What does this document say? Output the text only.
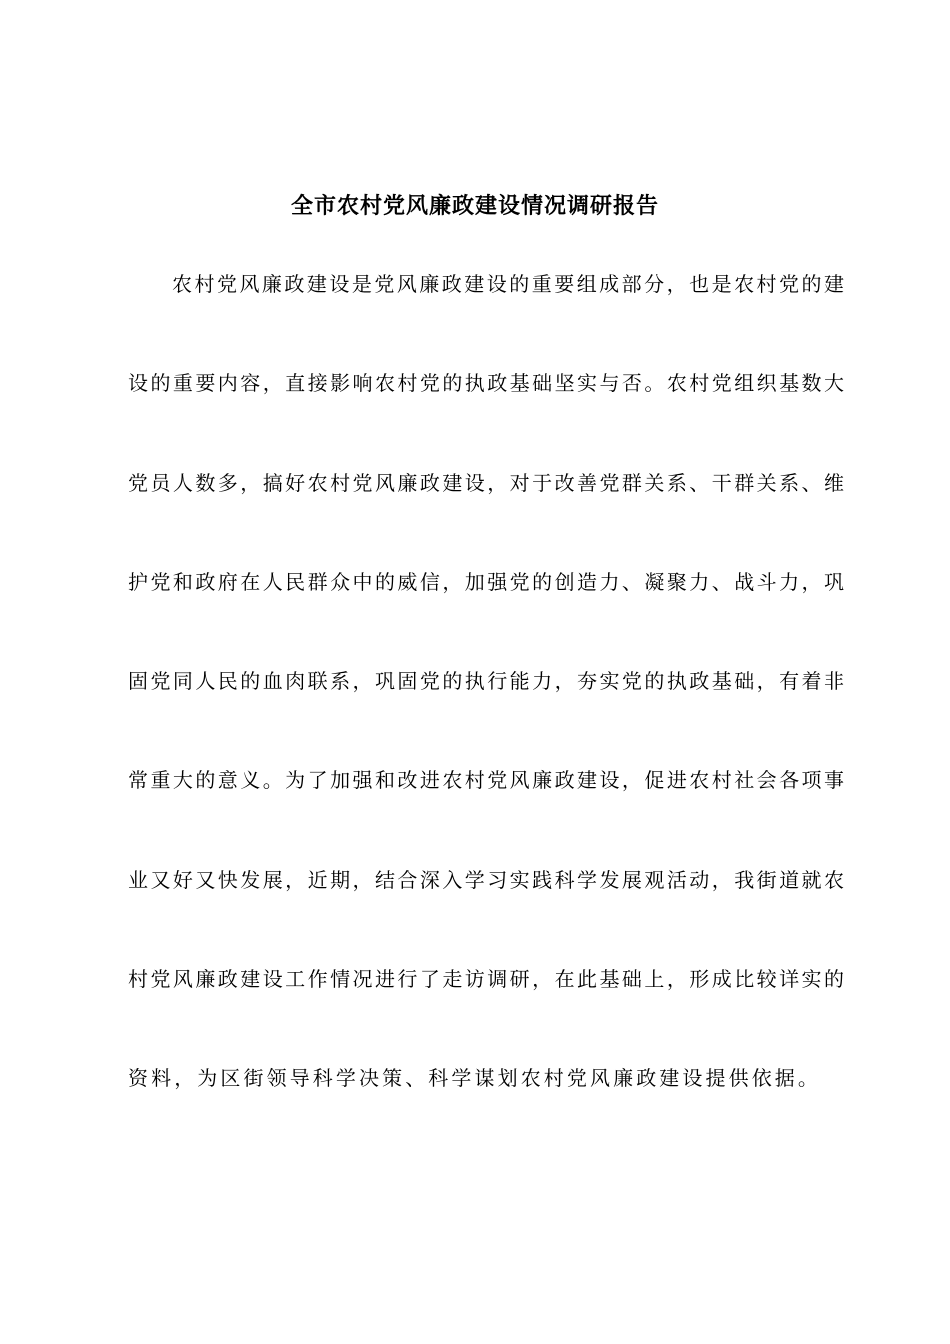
全市农村党风廉政建设情况调研报告
农村党风廉政建设是党风廉政建设的重要组成部分，也是农村党的建
设的重要内容，直接影响农村党的执政基础坚实与否。农村党组织基数大
党员人数多，搞好农村党风廉政建设，对于改善党群关系、干群关系、维
护党和政府在人民群众中的威信，加强党的创造力、凝聚力、战斗力，巩
固党同人民的血肉联系，巩固党的执行能力，夯实党的执政基础，有着非
常重大的意义。为了加强和改进农村党风廉政建设，促进农村社会各项事
业又好又快发展，近期，结合深入学习实践科学发展观活动，我街道就农
村党风廉政建设工作情况进行了走访调研，在此基础上，形成比较详实的
资料，为区街领导科学决策、科学谋划农村党风廉政建设提供依据。
